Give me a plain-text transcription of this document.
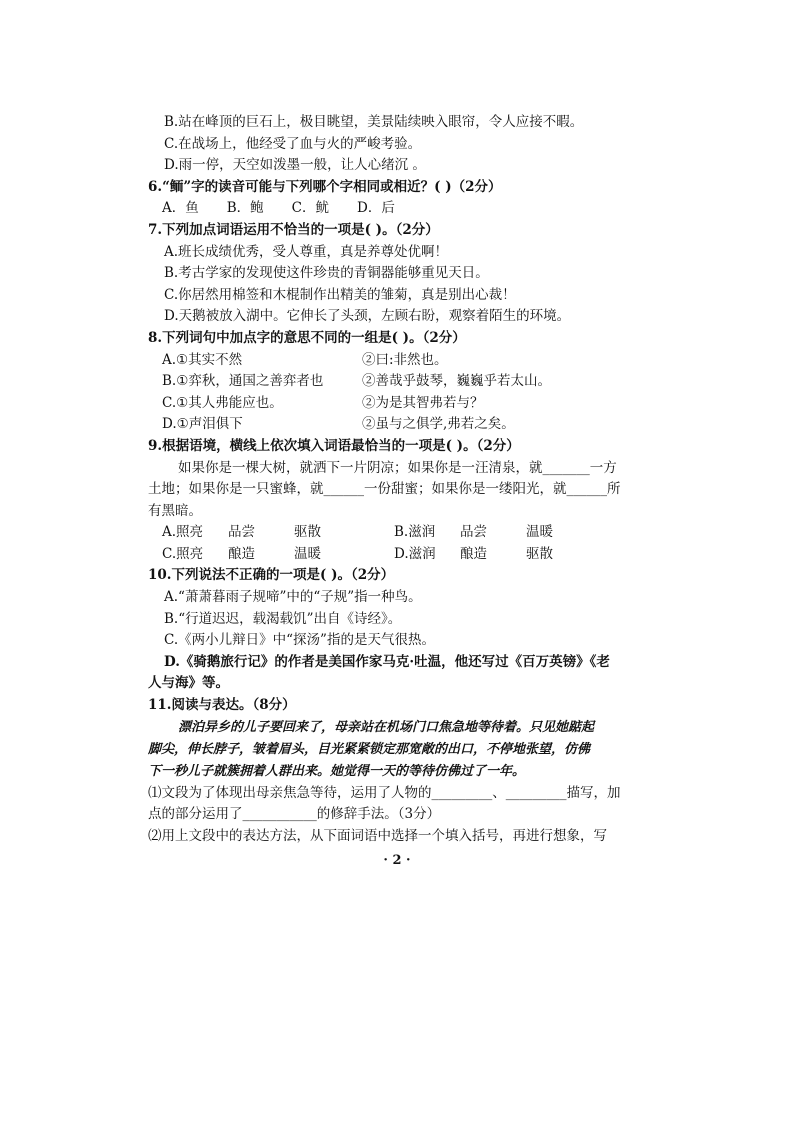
B.站在峰顶的巨石上，极目眺望，美景陆续映入眼帘，令人应接不暇。
C.在战场上，他经受了血与火的严峻考验。
D.雨一停，天空如泼墨一般，让人心绪沉 。
6.“鲕”字的读音可能与下列哪个字相同或相近？( )（2分）
A．鱼 B．鲍 C．鱿 D．后
7.下列加点词语运用不恰当的一项是( )。（2分）
A.班长成绩优秀，受人尊重，真是养尊处优啊！
B.考古学家的发现使这件珍贵的青铜器能够重见天日。
C.你居然用棉签和木棍制作出精美的雏菊，真是别出心裁！
D.天鹅被放入湖中。它伸长了头颈，左顾右盼，观察着陌生的环境。
8.下列词句中加点字的意思不同的一组是( )。（2分）
A.①其实不然	②曰:非然也。
B.①弈秋，通国之善弈者也	②善哉乎鼓琴，巍巍乎若太山。
C.①其人弗能应也。	②为是其智弗若与？
D.①声泪俱下	②虽与之俱学,弗若之矣。
9.根据语境，横线上依次填入词语最恰当的一项是( )。（2分）
如果你是一棵大树，就洒下一片阴凉；如果你是一汪清泉，就_______一方
土地；如果你是一只蜜蜂，就______一份甜蜜；如果你是一缕阳光，就______所
有黑暗。
A.照亮	品尝	驱散	B.滋润	品尝	温暖
C.照亮	酿造	温暖	D.滋润	酿造	驱散
10.下列说法不正确的一项是( )。（2分）
A.“萧萧暮雨子规啼”中的“子规”指一种鸟。
B.“行道迟迟，载渴载饥”出自《诗经》。
C.《两小儿辩日》中“探汤”指的是天气很热。
D.《骑鹅旅行记》的作者是美国作家马克·吐温，他还写过《百万英镑》《老
人与海》等。
11.阅读与表达。（8分）
漂泊异乡的儿子要回来了，母亲站在机场门口焦急地等待着。只见她踮起
脚尖，伸长脖子，皱着眉头，目光紧紧锁定那宽敞的出口，不停地张望，仿佛
下一秒儿子就簇拥着人群出来。她觉得一天的等待仿佛过了一年。
⑴文段为了体现出母亲焦急等待，运用了人物的_________、_________描写，加
点的部分运用了___________的修辞手法。（3分）
⑵用上文段中的表达方法，从下面词语中选择一个填入括号，再进行想象，写
· 2 ·
